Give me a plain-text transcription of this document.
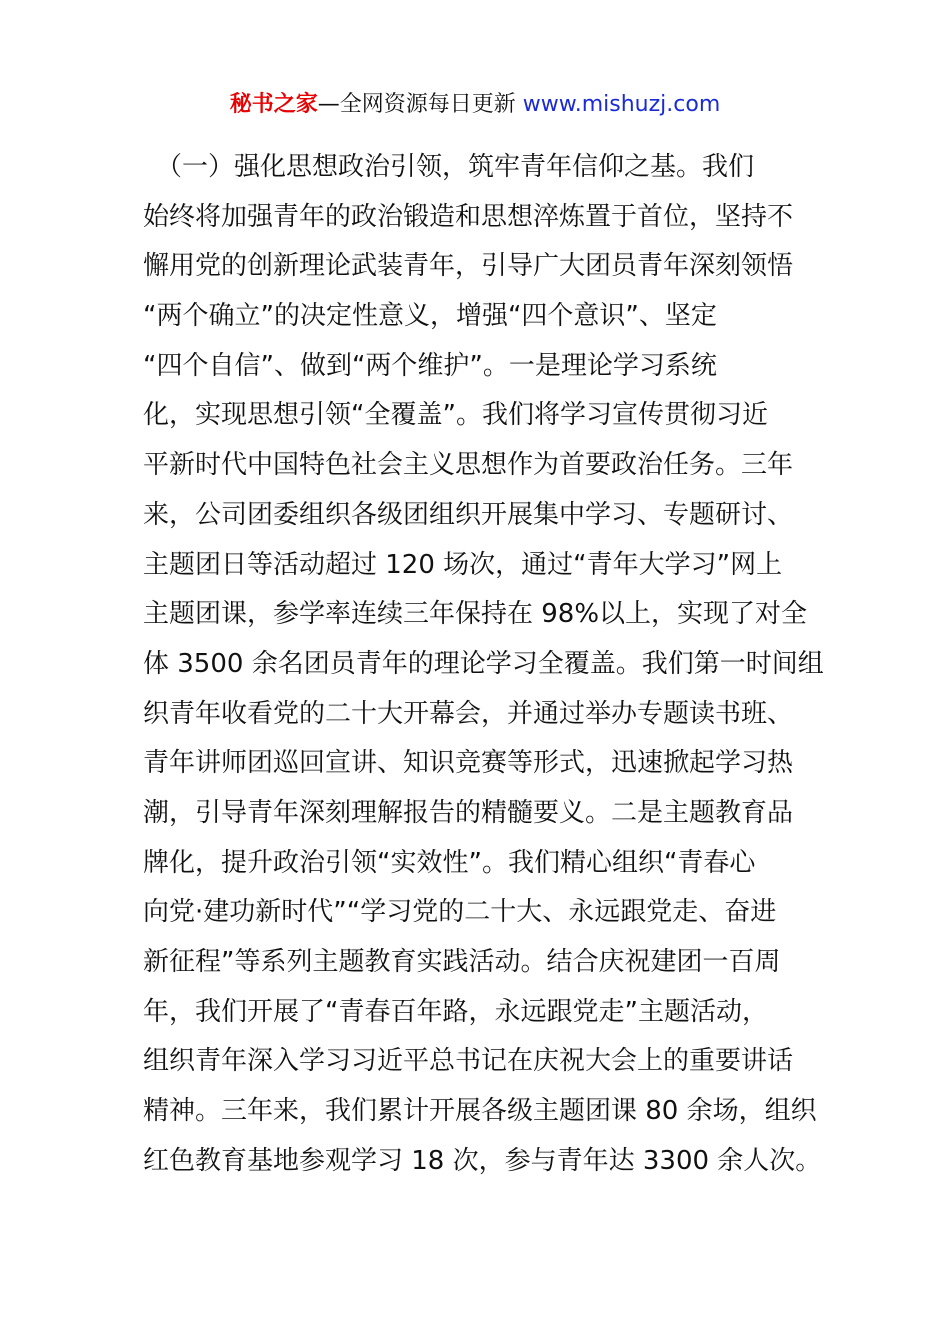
秘书之家—全网资源每日更新 www.mishuzj.com
　（一）强化思想政治引领，筑牢青年信仰之基。我们
始终将加强青年的政治锻造和思想淬炼置于首位，坚持不
懈用党的创新理论武装青年，引导广大团员青年深刻领悟
“两个确立”的决定性意义，增强“四个意识”、坚定
“四个自信”、做到“两个维护”。一是理论学习系统
化，实现思想引领“全覆盖”。我们将学习宣传贯彻习近
平新时代中国特色社会主义思想作为首要政治任务。三年
来，公司团委组织各级团组织开展集中学习、专题研讨、
主题团日等活动超过 120 场次，通过“青年大学习”网上
主题团课，参学率连续三年保持在 98%以上，实现了对全
体 3500 余名团员青年的理论学习全覆盖。我们第一时间组
织青年收看党的二十大开幕会，并通过举办专题读书班、
青年讲师团巡回宣讲、知识竞赛等形式，迅速掀起学习热
潮，引导青年深刻理解报告的精髓要义。二是主题教育品
牌化，提升政治引领“实效性”。我们精心组织“青春心
向党·建功新时代”“学习党的二十大、永远跟党走、奋进
新征程”等系列主题教育实践活动。结合庆祝建团一百周
年，我们开展了“青春百年路，永远跟党走”主题活动，
组织青年深入学习习近平总书记在庆祝大会上的重要讲话
精神。三年来，我们累计开展各级主题团课 80 余场，组织
红色教育基地参观学习 18 次，参与青年达 3300 余人次。
